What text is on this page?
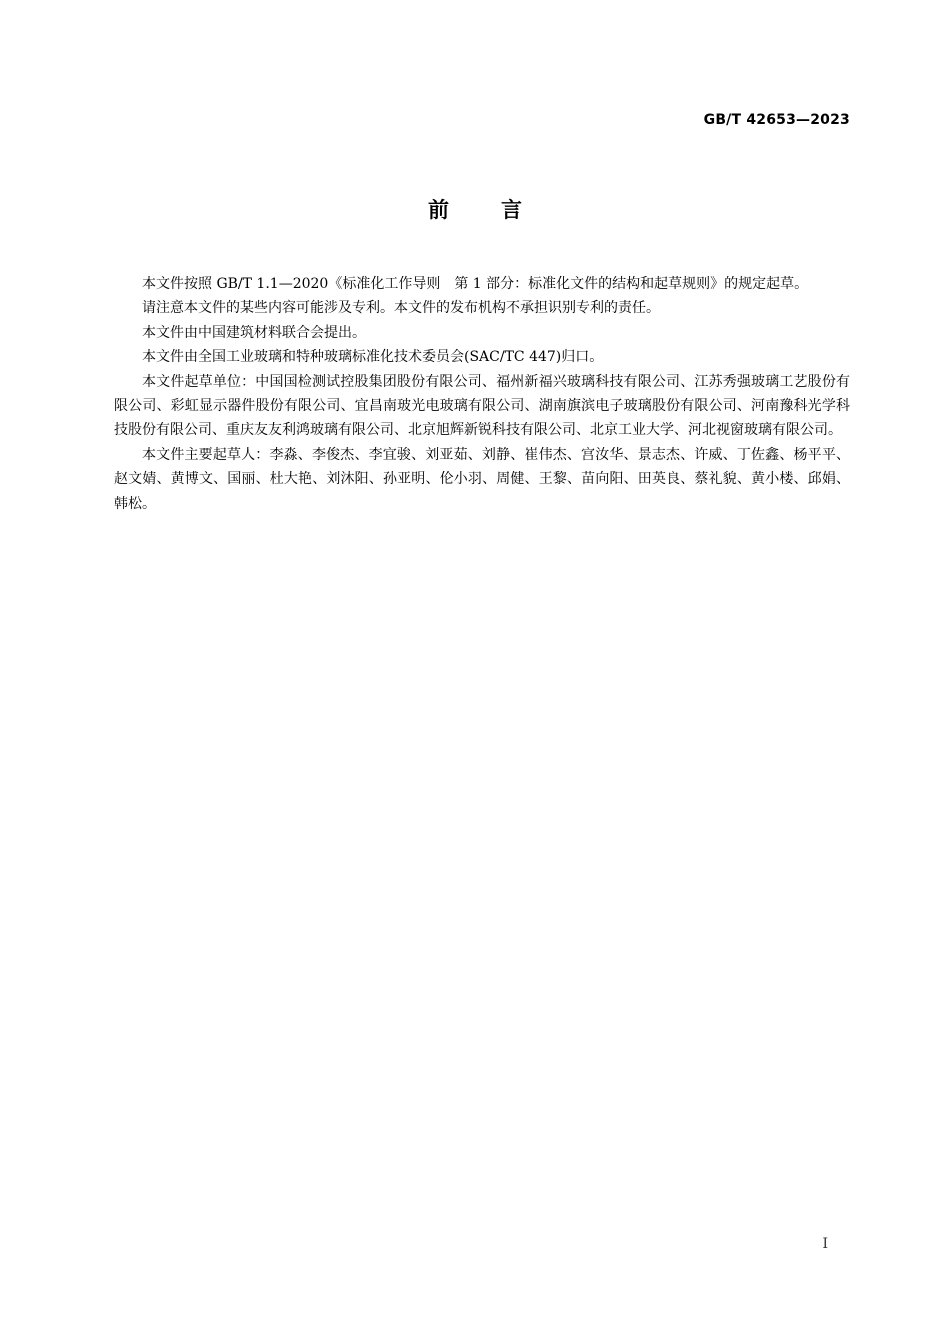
GB/T 42653—2023
前 言

本文件按照 GB/T 1.1—2020《标准化工作导则　第 1 部分：标准化文件的结构和起草规则》的规定起草。

请注意本文件的某些内容可能涉及专利。本文件的发布机构不承担识别专利的责任。

本文件由中国建筑材料联合会提出。

本文件由全国工业玻璃和特种玻璃标准化技术委员会(SAC/TC 447)归口。

本文件起草单位：中国国检测试控股集团股份有限公司、福州新福兴玻璃科技有限公司、江苏秀强玻璃工艺股份有限公司、彩虹显示器件股份有限公司、宜昌南玻光电玻璃有限公司、湖南旗滨电子玻璃股份有限公司、河南豫科光学科技股份有限公司、重庆友友利鸿玻璃有限公司、北京旭辉新锐科技有限公司、北京工业大学、河北视窗玻璃有限公司。

本文件主要起草人：李淼、李俊杰、李宜骏、刘亚茹、刘静、崔伟杰、宫汝华、景志杰、许威、丁佐鑫、杨平平、赵文婧、黄博文、国丽、杜大艳、刘沐阳、孙亚明、伦小羽、周健、王黎、苗向阳、田英良、蔡礼貌、黄小楼、邱娟、韩松。

I
